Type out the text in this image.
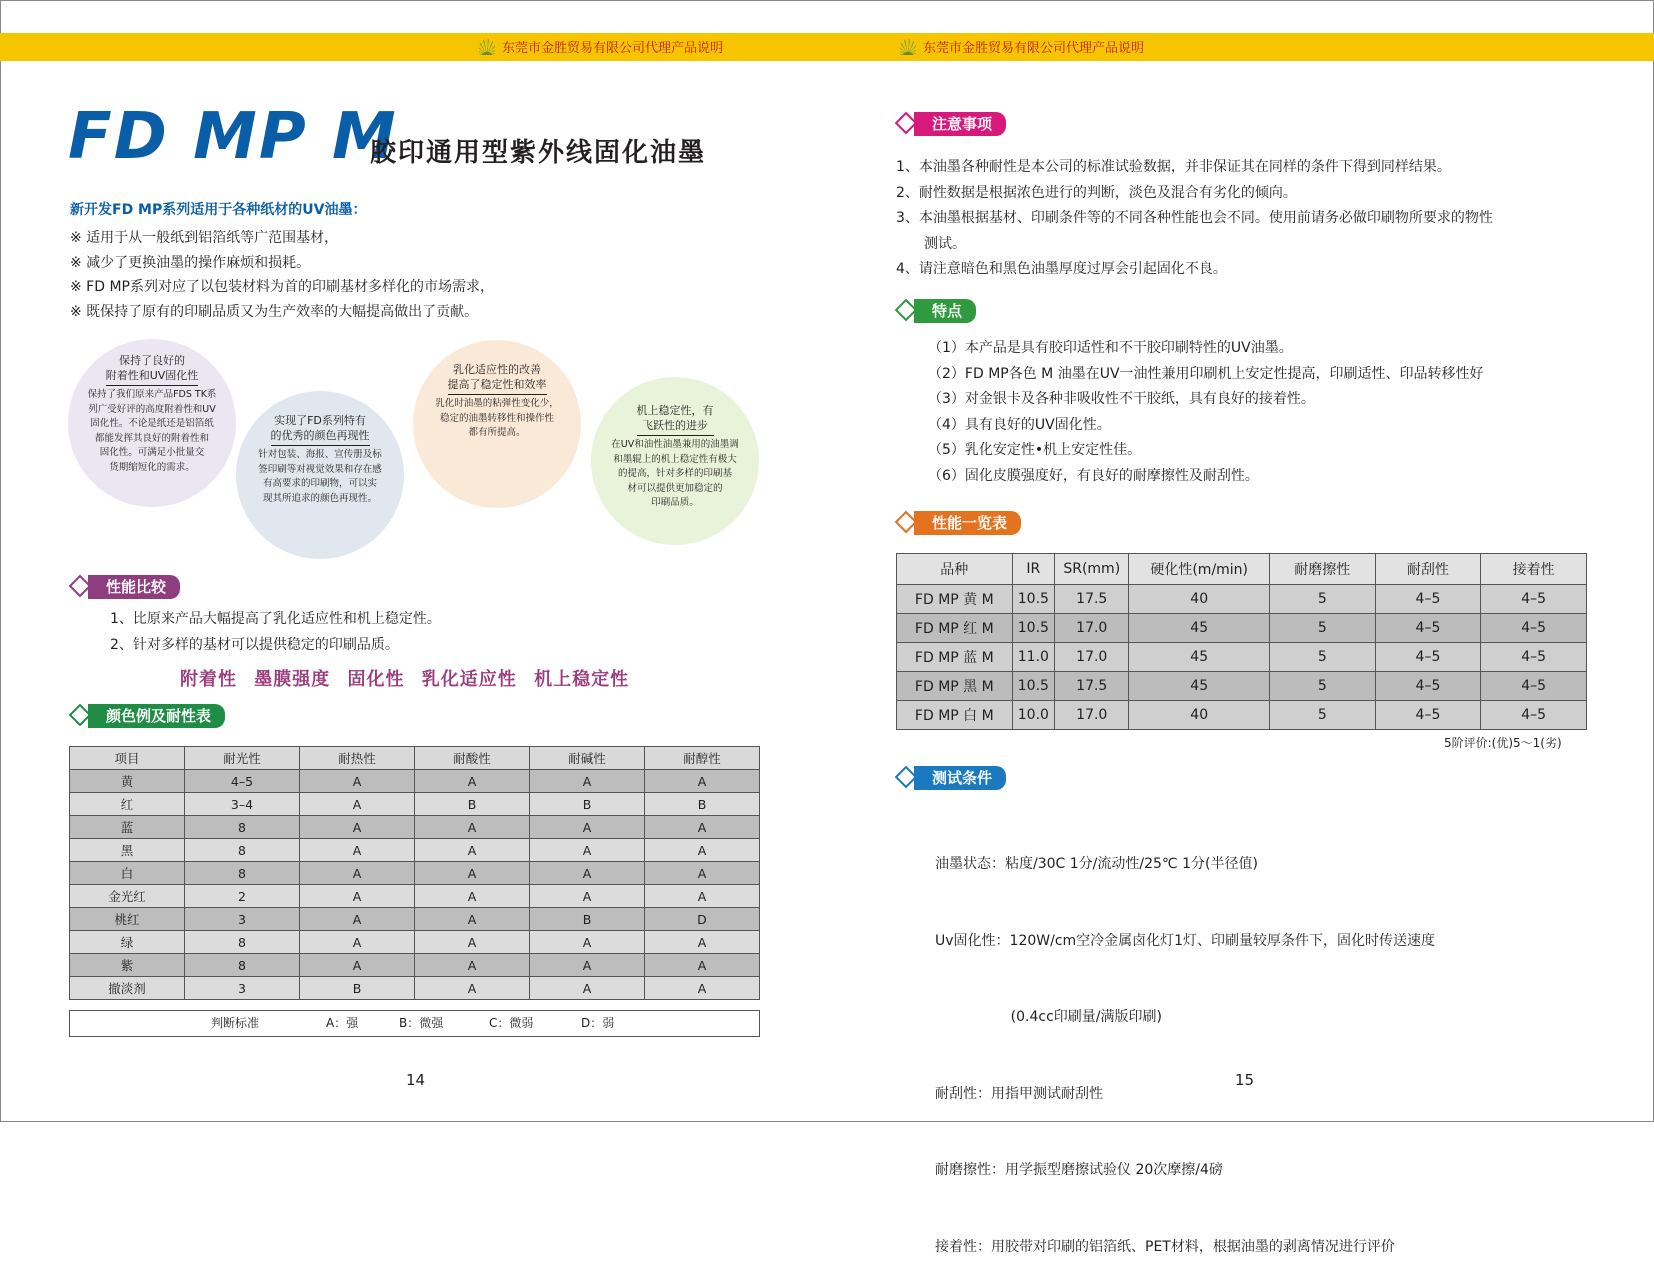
东莞市金胜贸易有限公司代理产品说明	东莞市金胜贸易有限公司代理产品说明
FD MP M
胶印通用型紫外线固化油墨
新开发FD MP系列适用于各种纸材的UV油墨：
※ 适用于从一般纸到铝箔纸等广范围基材，
※ 减少了更换油墨的操作麻烦和损耗。
※ FD MP系列对应了以包装材料为首的印刷基材多样化的市场需求，
※ 既保持了原有的印刷品质又为生产效率的大幅提高做出了贡献。
保持了良好的
附着性和UV固化性
保持了我们原来产品FDS TK系
列广受好评的高度附着性和UV
固化性。不论是纸还是铝箔纸
都能发挥其良好的附着性和
固化性。可满足小批量交
货期缩短化的需求。
实现了FD系列特有
的优秀的颜色再现性
针对包装、海报、宣传册及标
签印刷等对视觉效果和存在感
有高要求的印刷物，可以实
现其所追求的颜色再现性。
乳化适应性的改善
提高了稳定性和效率
乳化时油墨的粘弹性变化少，
稳定的油墨转移性和操作性
都有所提高。
机上稳定性，有
飞跃性的进步
在UV和油性油墨兼用的油墨调
和墨辊上的机上稳定性有极大
的提高，针对多样的印刷基
材可以提供更加稳定的
印刷品质。
性能比较
1、比原来产品大幅提高了乳化适应性和机上稳定性。
2、针对多样的基材可以提供稳定的印刷品质。
附着性 墨膜强度 固化性 乳化适应性 机上稳定性
颜色例及耐性表
项目	耐光性	耐热性	耐酸性	耐碱性	耐醇性
黄	4–5	A	A	A	A
红	3–4	A	B	B	B
蓝	8	A	A	A	A
黑	8	A	A	A	A
白	8	A	A	A	A
金光红	2	A	A	A	A
桃红	3	A	A	B	D
绿	8	A	A	A	A
紫	8	A	A	A	A
撤淡剂	3	B	A	A	A
判断标准	A：强	B：微强	C：微弱	D：弱
14
注意事项
1、本油墨各种耐性是本公司的标准试验数据，并非保证其在同样的条件下得到同样结果。
2、耐性数据是根据浓色进行的判断，淡色及混合有劣化的倾向。
3、本油墨根据基材、印刷条件等的不同各种性能也会不同。使用前请务必做印刷物所要求的物性
测试。
4、请注意暗色和黑色油墨厚度过厚会引起固化不良。
特点
（1）本产品是具有胶印适性和不干胶印刷特性的UV油墨。
（2）FD MP各色 M 油墨在UV一油性兼用印刷机上安定性提高，印刷适性、印品转移性好
（3）对金银卡及各种非吸收性不干胶纸，具有良好的接着性。
（4）具有良好的UV固化性。
（5）乳化安定性•机上安定性佳。
（6）固化皮膜强度好，有良好的耐摩擦性及耐刮性。
性能一览表
品种	IR	SR(mm)	硬化性(m/min)	耐磨擦性	耐刮性	接着性
FD MP 黄 M	10.5	17.5	40	5	4–5	4–5
FD MP 红 M	10.5	17.0	45	5	4–5	4–5
FD MP 蓝 M	11.0	17.0	45	5	4–5	4–5
FD MP 黑 M	10.5	17.5	45	5	4–5	4–5
FD MP 白 M	10.0	17.0	40	5	4–5	4–5
5阶评价:(优)5～1(劣)
测试条件

油墨状态：粘度/30C 1分/流动性/25℃ 1分(半径值)

Uv固化性：120W/cm空冷金属卤化灯1灯、印刷量较厚条件下，固化时传送速度

(0.4cc印刷量/满版印刷)

耐刮性：用指甲测试耐刮性

耐磨擦性：用学振型磨擦试验仪 20次摩擦/4磅

接着性：用胶带对印刷的铝箔纸、PET材料，根据油墨的剥离情况进行评价

15
